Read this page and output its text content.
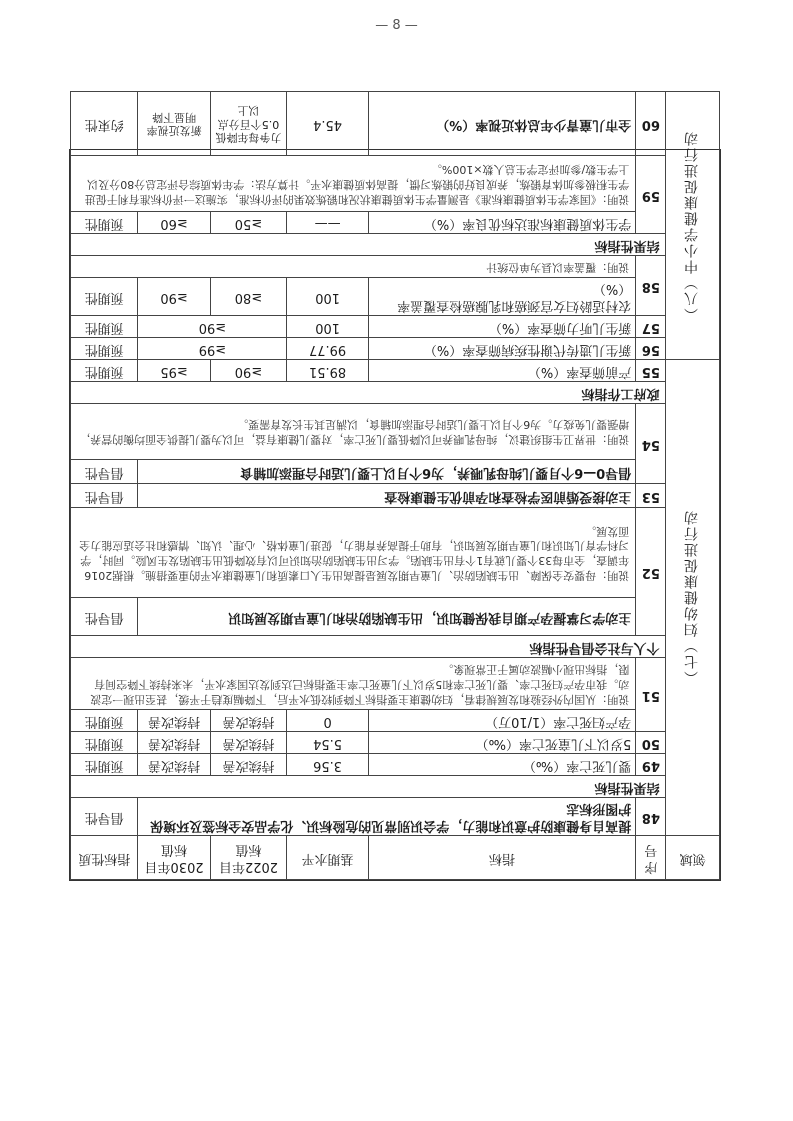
领域	序号	指标	基期水平	2022年目标值	2030年目标值	指标性质
（七）妇幼健康促进行动	48	提高自身健康防护意识和能力，学会识别常见的危险标识、化学品安全标签及环境保护图形标志				倡导性
	结果性指标					
	49	婴儿死亡率（‰）	3.56	持续改善	持续改善	预期性
	50	5岁以下儿童死亡率（‰）	5.54	持续改善	持续改善	预期性
	51	孕产妇死亡率（1/10万）	0	持续改善	持续改善	预期性
		说明：从国内外经验和发展规律看，妇幼健康主要指标下降到较低水平后，下降幅度趋于平缓，甚至出现一定波动。我市孕产妇死亡率、婴儿死亡率和5岁以下儿童死亡率主要指标已达到发达国家水平，未来持续下降空间有限，指标出现小幅波动属于正常现象。				
	个人与社会倡导性指标					
	52	主动学习掌握孕产期自我保健知识，出生缺陷防治和儿童早期发展知识				倡导性
		说明：母婴安全保障、出生缺陷防治、儿童早期发展是提高出生人口素质和儿童健康水平的重要措施。根据2016年调查，全市每33个婴儿就有1个有出生缺陷。学习出生缺陷防治知识可以有效降低出生缺陷发生风险。同时，学习科学育儿知识和儿童早期发展知识，有助于提高养育能力，促进儿童体格、心理、认知、情感和社会适应能力全面发展。				
	53	主动接受婚前医学检查和孕前优生健康检查				倡导性
	54	倡导0—6个月婴儿纯母乳喂养，为6个月以上婴儿适时合理添加辅食				倡导性
		说明：世界卫生组织建议，纯母乳喂养可以降低婴儿死亡率，对婴儿健康有益，可以为婴儿提供全面均衡的营养，增强婴儿免疫力。为6个月以上婴儿适时合理添加辅食，以满足其生长发育需要。				
	政府工作指标					
	55	产前筛查率（%）	89.51	≥90	≥95	预期性
（八）中小学健康促进行动	56	新生儿遗传代谢性疾病筛查率（%）	99.77	≥99		预期性
	57	新生儿听力筛查率（%）	100	≥90		预期性
	58	农村适龄妇女宫颈癌和乳腺癌检查覆盖率（%）	100	≥80	≥90	预期性
		说明：覆盖率以县为单位统计				
	结果性指标					
	59	学生体质健康标准达标优良率（%）	——	≥50	≥60	预期性
		说明：《国家学生体质健康标准》是测量学生体质健康状况和锻炼效果的评价标准，实施这一评价标准有利于促进学生积极参加体育锻炼，养成良好的锻炼习惯，提高体质健康水平。计算方法：学年体质综合评定总分80分及以上学生数/参加评定学生总人数×100%。				
	60	全市儿童青少年总体近视率（%）	45.4	力争每年降低0.5个百分点以上	新发近视率明显下降	约束性
— 8 —
